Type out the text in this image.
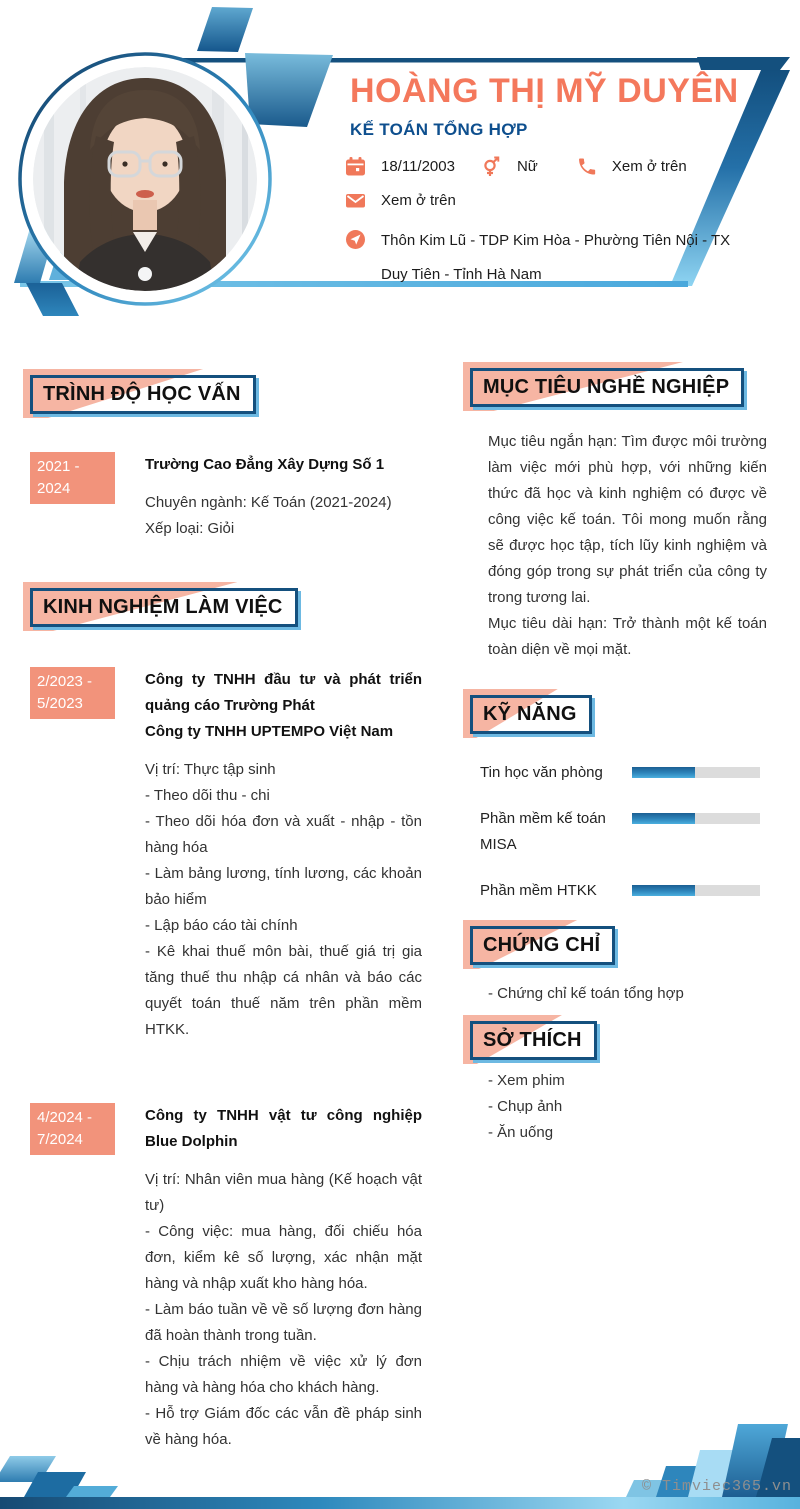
HOÀNG THỊ MỸ DUYÊN
KẾ TOÁN TỔNG HỢP
18/11/2003	Nữ	Xem ở trên
Xem ở trên
Thôn Kim Lũ - TDP Kim Hòa - Phường Tiên Nội - TX Duy Tiên - Tỉnh Hà Nam
TRÌNH ĐỘ HỌC VẤN
2021 - 2024
Trường Cao Đẳng Xây Dựng Số 1
Chuyên ngành: Kế Toán (2021-2024)
Xếp loại: Giỏi
KINH NGHIỆM LÀM VIỆC
2/2023 -
5/2023
Công ty TNHH đầu tư và phát triển quảng cáo Trường Phát
Công ty TNHH UPTEMPO Việt Nam
Vị trí: Thực tập sinh
- Theo dõi thu - chi
- Theo dõi hóa đơn và xuất - nhập - tồn hàng hóa
- Làm bảng lương, tính lương, các khoản bảo hiểm
- Lập báo cáo tài chính
- Kê khai thuế môn bài, thuế giá trị gia tăng thuế thu nhập cá nhân và báo các quyết toán thuế năm trên phần mềm HTKK.
4/2024 -
7/2024
Công ty TNHH vật tư công nghiệp Blue Dolphin
Vị trí: Nhân viên mua hàng (Kế hoạch vật tư)
- Công việc: mua hàng, đối chiếu hóa đơn, kiểm kê số lượng, xác nhận mặt hàng và nhập xuất kho hàng hóa.
- Làm báo tuần về về số lượng đơn hàng đã hoàn thành trong tuần.
- Chịu trách nhiệm về việc xử lý đơn hàng và hàng hóa cho khách hàng.
- Hỗ trợ Giám đốc các vẫn đề pháp sinh về hàng hóa.
MỤC TIÊU NGHỀ NGHIỆP
Mục tiêu ngắn hạn: Tìm được môi trường làm việc mới phù hợp, với những kiến thức đã học và kinh nghiệm có được về công việc kế toán. Tôi mong muốn rằng sẽ được học tập, tích lũy kinh nghiệm và đóng góp trong sự phát triển của công ty trong tương lai.
Mục tiêu dài hạn: Trở thành một kế toán toàn diện về mọi mặt.
KỸ NĂNG
Tin học văn phòng
Phần mềm kế toán MISA
Phần mềm HTKK
CHỨNG CHỈ
- Chứng chỉ kế toán tổng hợp
SỞ THÍCH
- Xem phim
- Chụp ảnh
- Ăn uống
© Timviec365.vn
